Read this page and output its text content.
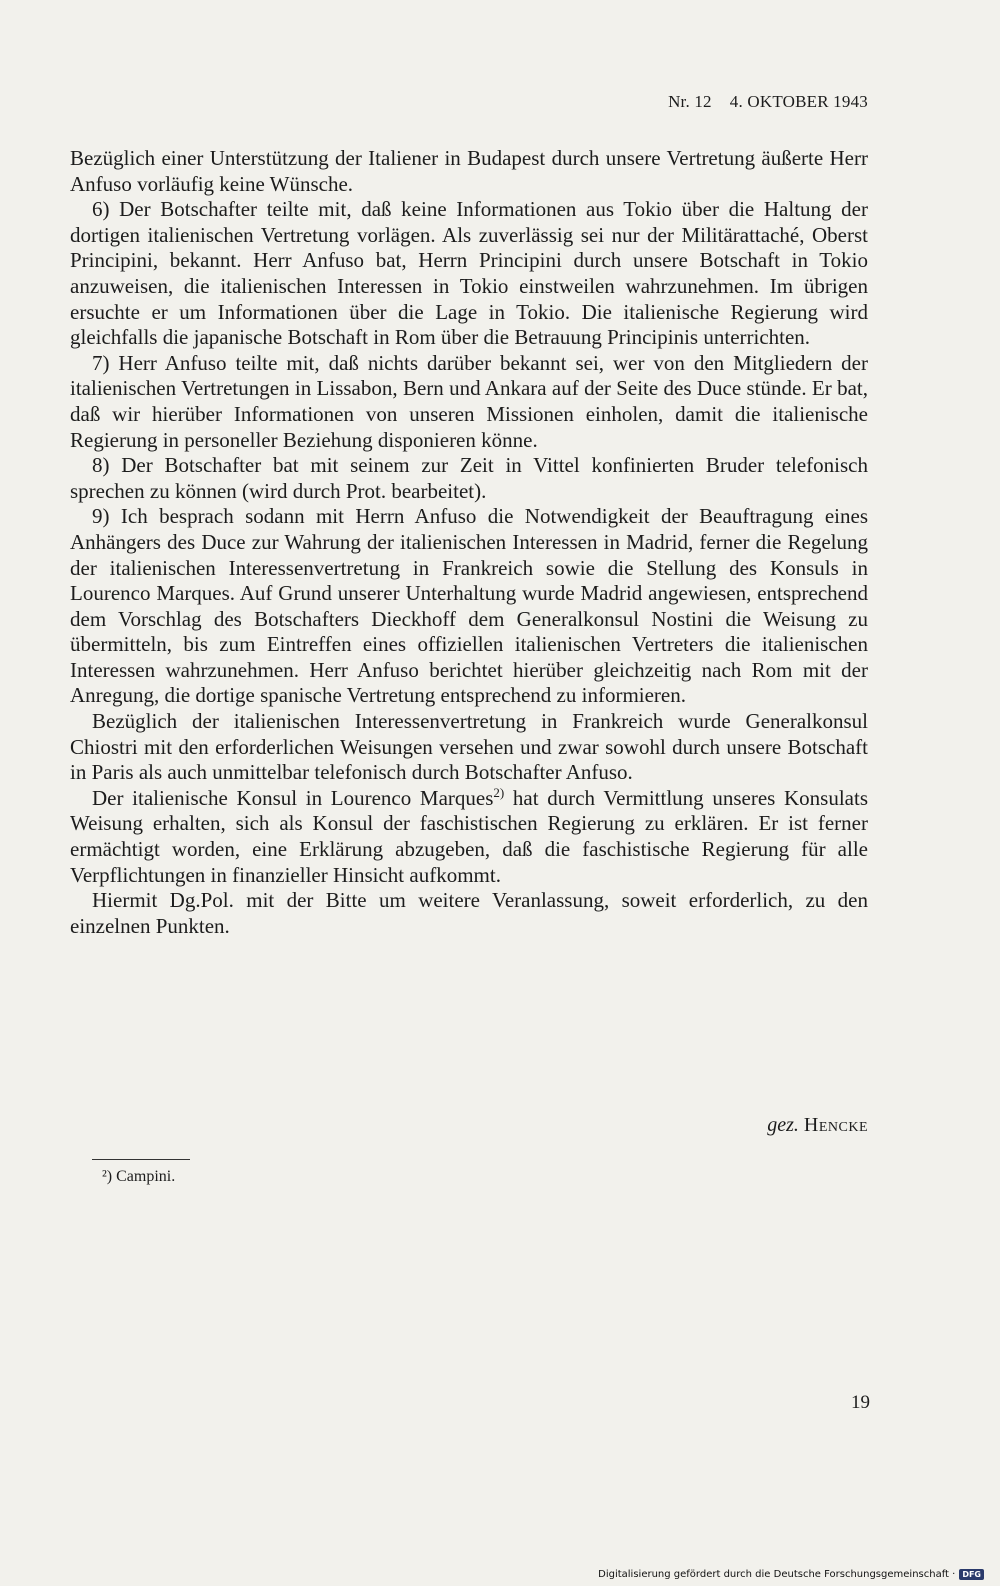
Nr. 12 4. OKTOBER 1943

Bezüglich einer Unterstützung der Italiener in Budapest durch unsere Vertretung äußerte Herr Anfuso vorläufig keine Wünsche.

6) Der Botschafter teilte mit, daß keine Informationen aus Tokio über die Haltung der dortigen italienischen Vertretung vorlägen. Als zuverlässig sei nur der Militärattaché, Oberst Principini, bekannt. Herr Anfuso bat, Herrn Principini durch unsere Botschaft in Tokio anzuweisen, die italienischen Interessen in Tokio einstweilen wahrzunehmen. Im übrigen ersuchte er um Informationen über die Lage in Tokio. Die italienische Regierung wird gleichfalls die japanische Botschaft in Rom über die Betrauung Principinis unterrichten.

7) Herr Anfuso teilte mit, daß nichts darüber bekannt sei, wer von den Mitgliedern der italienischen Vertretungen in Lissabon, Bern und Ankara auf der Seite des Duce stünde. Er bat, daß wir hierüber Informationen von unseren Missionen einholen, damit die italienische Regierung in personeller Beziehung disponieren könne.

8) Der Botschafter bat mit seinem zur Zeit in Vittel konfinierten Bruder telefonisch sprechen zu können (wird durch Prot. bearbeitet).

9) Ich besprach sodann mit Herrn Anfuso die Notwendigkeit der Beauftragung eines Anhängers des Duce zur Wahrung der italienischen Interessen in Madrid, ferner die Regelung der italienischen Interessenvertretung in Frankreich sowie die Stellung des Konsuls in Lourenco Marques. Auf Grund unserer Unterhaltung wurde Madrid angewiesen, entsprechend dem Vorschlag des Botschafters Dieckhoff dem Generalkonsul Nostini die Weisung zu übermitteln, bis zum Eintreffen eines offiziellen italienischen Vertreters die italienischen Interessen wahrzunehmen. Herr Anfuso berichtet hierüber gleichzeitig nach Rom mit der Anregung, die dortige spanische Vertretung entsprechend zu informieren.

Bezüglich der italienischen Interessenvertretung in Frankreich wurde Generalkonsul Chiostri mit den erforderlichen Weisungen versehen und zwar sowohl durch unsere Botschaft in Paris als auch unmittelbar telefonisch durch Botschafter Anfuso.

Der italienische Konsul in Lourenco Marques$^{2)}$ hat durch Vermittlung unseres Konsulats Weisung erhalten, sich als Konsul der faschistischen Regierung zu erklären. Er ist ferner ermächtigt worden, eine Erklärung abzugeben, daß die faschistische Regierung für alle Verpflichtungen in finanzieller Hinsicht aufkommt.

Hiermit Dg.Pol. mit der Bitte um weitere Veranlassung, soweit erforderlich, zu den einzelnen Punkten.

gez. Hencke
²) Campini.
19
Digitalisierung gefördert durch die Deutsche Forschungsgemeinschaft · DFG
